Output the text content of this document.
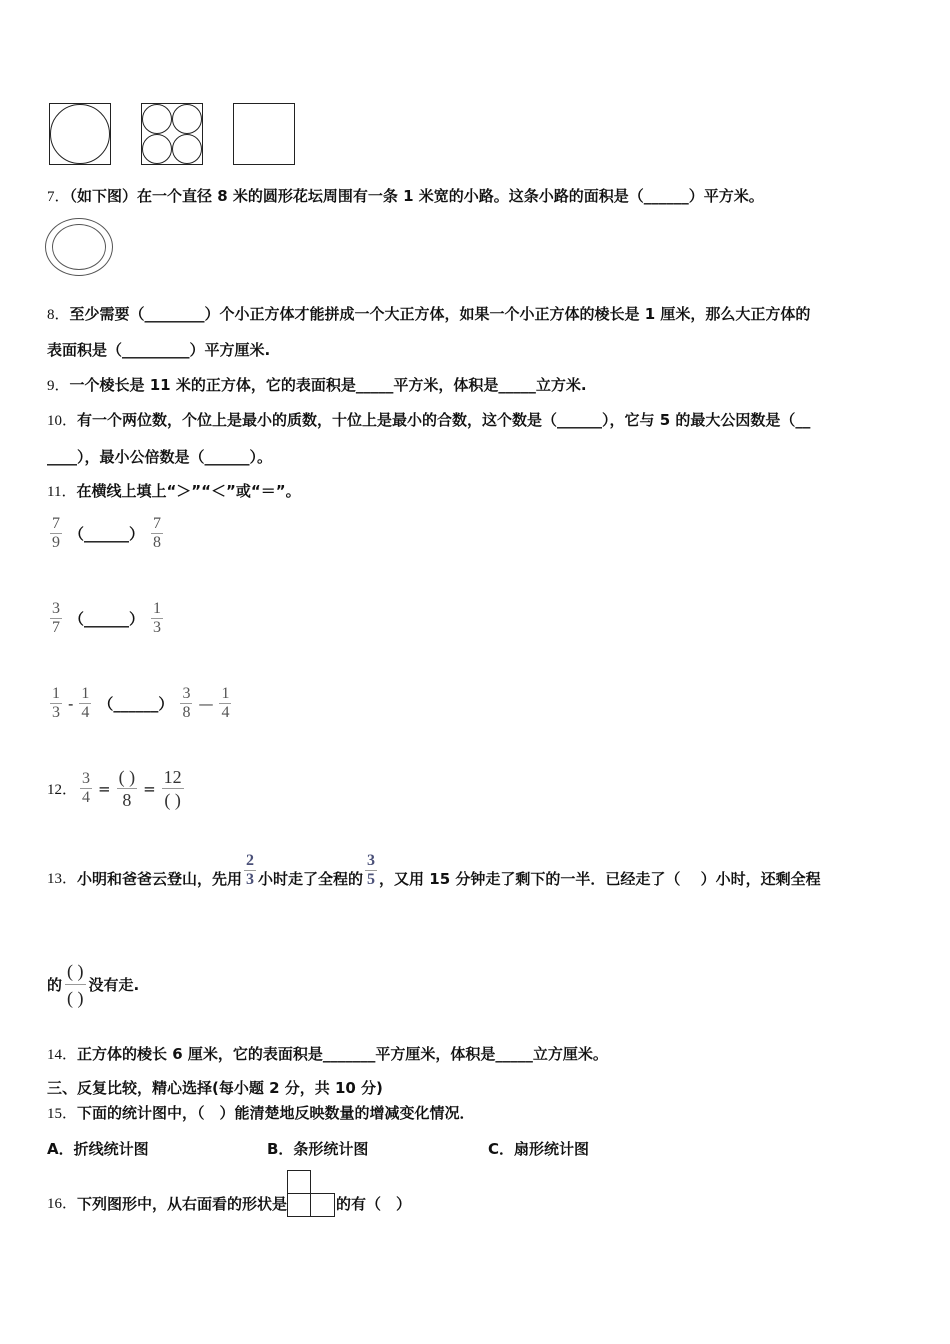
7．（如下图）在一个直径 8 米的圆形花坛周围有一条 1 米宽的小路。这条小路的面积是（______）平方米。
8．至少需要（________）个小正方体才能拼成一个大正方体，如果一个小正方体的棱长是 1 厘米，那么大正方体的
表面积是（_________）平方厘米.
9．一个棱长是 11 米的正方体，它的表面积是_____平方米，体积是_____立方米.
10．有一个两位数，个位上是最小的质数，十位上是最小的合数，这个数是（______），它与 5 的最大公因数是（__
____），最小公倍数是（______）。
11．在横线上填上“＞”“＜”或“＝”。
7
9 （______）
7
8
3
7 （______）
1
3
1
3 -
1
4 （______）
3
8 —
1
4
12． $\frac{3}{4}$ =
( )
8
=
12
( )
13． 小明和爸爸云登山，先用
2
3 小时走了全程的
3
5 ，又用 15 分钟走了剩下的一半．已经走了（　 ）小时，还剩全程
的
( )
( )
没有走.
14．正方体的棱长 6 厘米，它的表面积是_______平方厘米，体积是_____立方厘米。
三、反复比较，精心选择(每小题 2 分，共 10 分)
15．下面的统计图中，（　）能清楚地反映数量的增减变化情况．
A．折线统计图	B．条形统计图	C．扇形统计图
16． 下列图形中，从右面看的形状是	的有（　）
